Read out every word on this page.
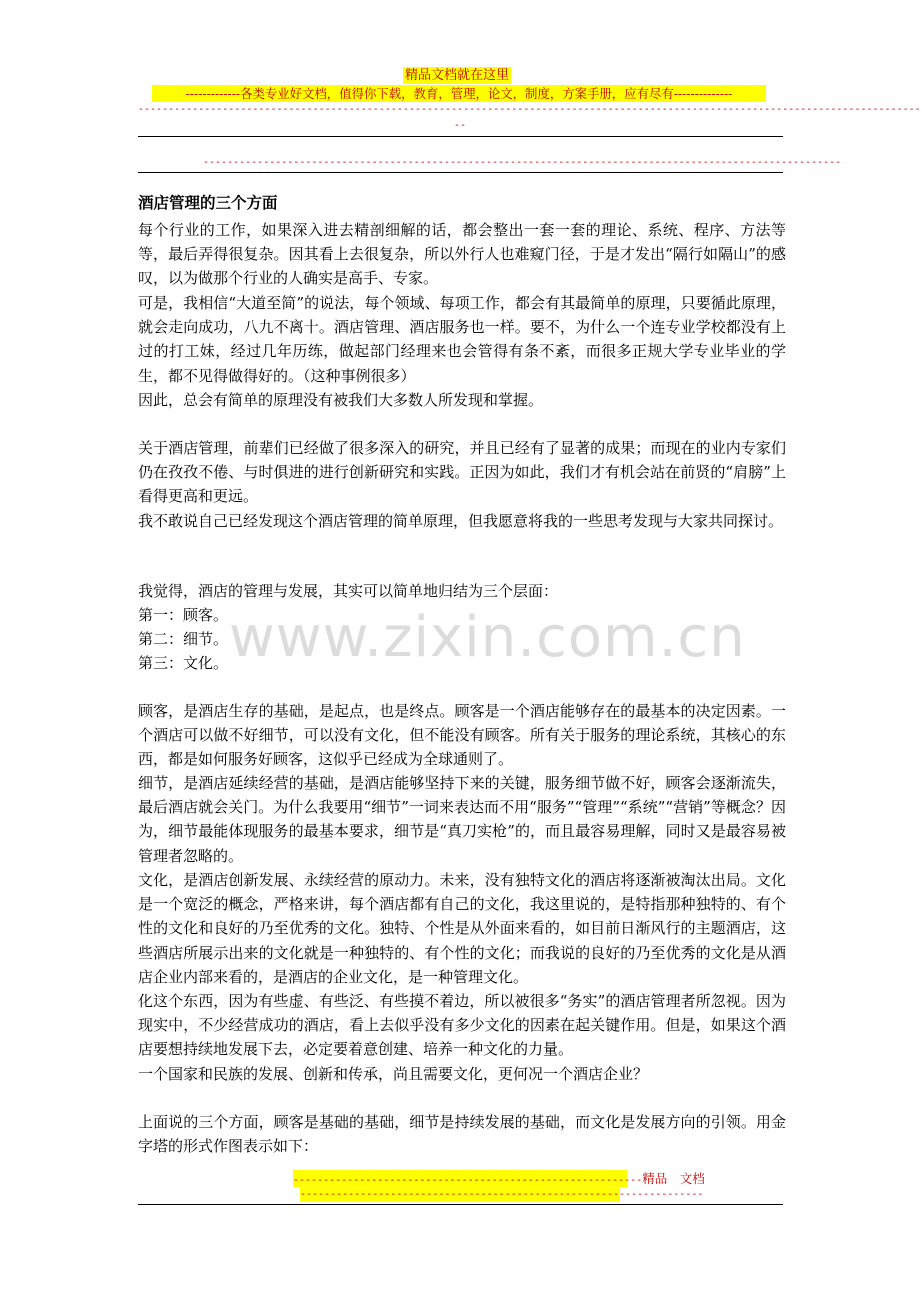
精品文档就在这里
-------------各类专业好文档，值得你下载，教育，管理，论文，制度，方案手册，应有尽有--------------
----------------------------------------------------------------------------------------------------------------------------------
--
----------------------------------------------------------------------------------------------------------
酒店管理的三个方面

每个行业的工作，如果深入进去精剖细解的话，都会整出一套一套的理论、系统、程序、方法等等，最后弄得很复杂。因其看上去很复杂，所以外行人也难窥门径，于是才发出“隔行如隔山”的感叹，以为做那个行业的人确实是高手、专家。

可是，我相信“大道至简”的说法，每个领域、每项工作，都会有其最简单的原理，只要循此原理，就会走向成功，八九不离十。酒店管理、酒店服务也一样。要不，为什么一个连专业学校都没有上过的打工妹，经过几年历练，做起部门经理来也会管得有条不紊，而很多正规大学专业毕业的学生，都不见得做得好的。（这种事例很多）

因此，总会有简单的原理没有被我们大多数人所发现和掌握。

关于酒店管理，前辈们已经做了很多深入的研究，并且已经有了显著的成果；而现在的业内专家们仍在孜孜不倦、与时俱进的进行创新研究和实践。正因为如此，我们才有机会站在前贤的“肩膀”上看得更高和更远。

我不敢说自己已经发现这个酒店管理的简单原理，但我愿意将我的一些思考发现与大家共同探讨。

我觉得，酒店的管理与发展，其实可以简单地归结为三个层面：

第一：顾客。

第二：细节。

第三：文化。

顾客，是酒店生存的基础，是起点，也是终点。顾客是一个酒店能够存在的最基本的决定因素。一个酒店可以做不好细节，可以没有文化，但不能没有顾客。所有关于服务的理论系统，其核心的东西，都是如何服务好顾客，这似乎已经成为全球通则了。

细节，是酒店延续经营的基础，是酒店能够坚持下来的关键，服务细节做不好，顾客会逐渐流失，最后酒店就会关门。为什么我要用“细节”一词来表达而不用“服务”“管理”“系统”“营销”等概念？因为，细节最能体现服务的最基本要求，细节是“真刀实枪”的，而且最容易理解，同时又是最容易被管理者忽略的。

文化，是酒店创新发展、永续经营的原动力。未来，没有独特文化的酒店将逐渐被淘汰出局。文化是一个宽泛的概念，严格来讲，每个酒店都有自己的文化，我这里说的，是特指那种独特的、有个性的文化和良好的乃至优秀的文化。独特、个性是从外面来看的，如目前日渐风行的主题酒店，这些酒店所展示出来的文化就是一种独特的、有个性的文化；而我说的良好的乃至优秀的文化是从酒店企业内部来看的，是酒店的企业文化，是一种管理文化。

化这个东西，因为有些虚、有些泛、有些摸不着边，所以被很多“务实”的酒店管理者所忽视。因为现实中，不少经营成功的酒店，看上去似乎没有多少文化的因素在起关键作用。但是，如果这个酒店要想持续地发展下去，必定要着意创建、培养一种文化的力量。

一个国家和民族的发展、创新和传承，尚且需要文化，更何况一个酒店企业？

上面说的三个方面，顾客是基础的基础，细节是持续发展的基础，而文化是发展方向的引领。用金字塔的形式作图表示如下：

www.zixin.com.cn
----------------------------------------------------------精品　文档
-------------------------------------------------------------------
